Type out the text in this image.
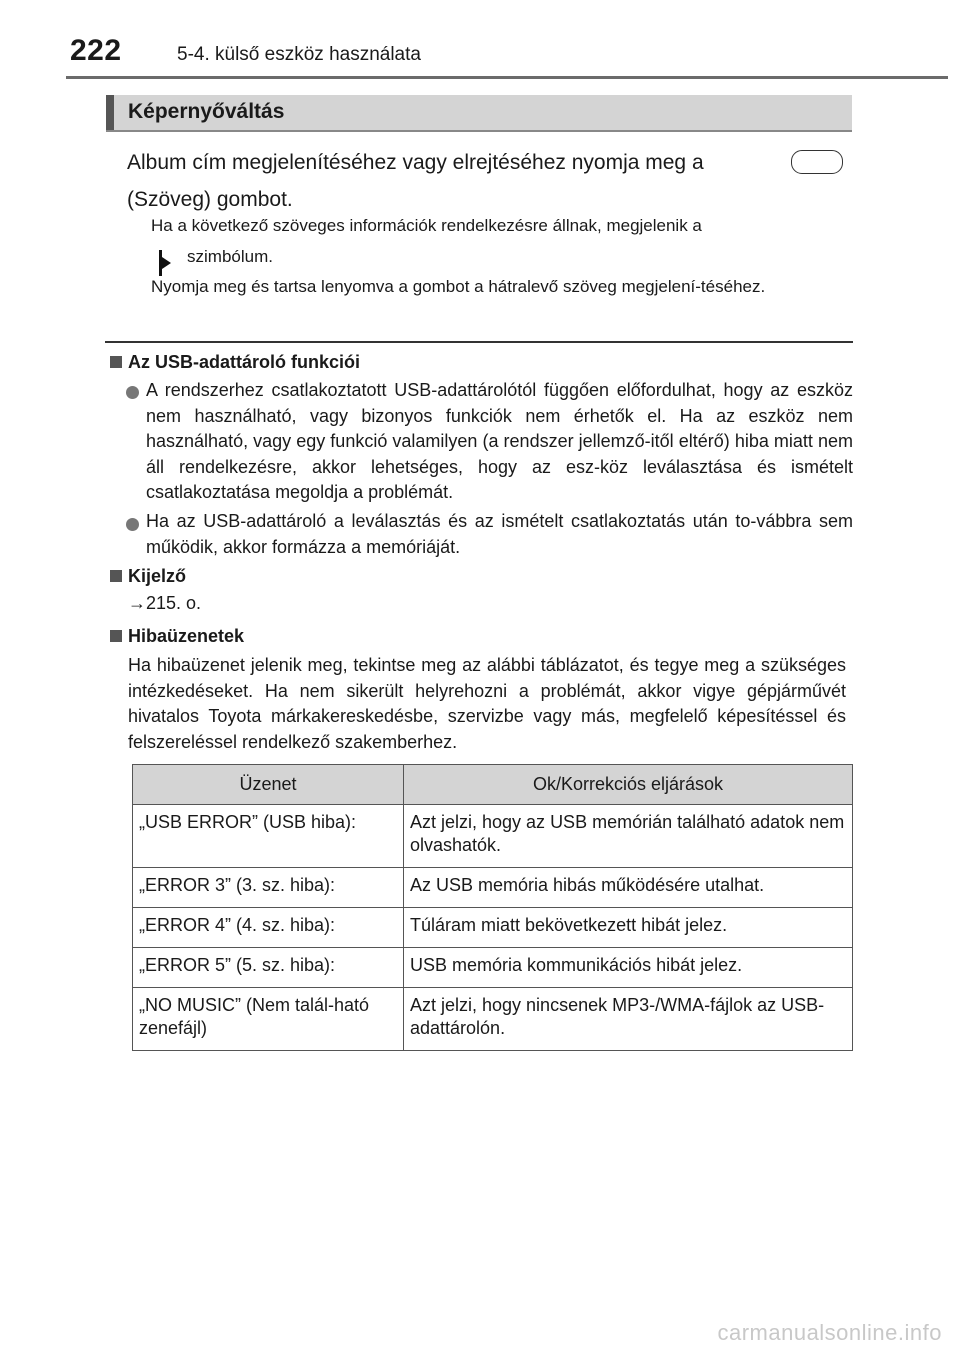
222	5-4. külső eszköz használata
Képernyőváltás
Album cím megjelenítéséhez vagy elrejtéséhez nyomja meg a
(Szöveg) gombot.
Ha a következő szöveges információk rendelkezésre állnak, megjelenik a
szimbólum.
Nyomja meg és tartsa lenyomva a gombot a hátralevő szöveg megjelení-téséhez.
Az USB-adattároló funkciói
A rendszerhez csatlakoztatott USB-adattárolótól függően előfordulhat, hogy az eszköz nem használható, vagy bizonyos funkciók nem érhetők el. Ha az eszköz nem használható, vagy egy funkció valamilyen (a rendszer jellemző-itől eltérő) hiba miatt nem áll rendelkezésre, akkor lehetséges, hogy az esz-köz leválasztása és ismételt csatlakoztatása megoldja a problémát.
Ha az USB-adattároló a leválasztás és az ismételt csatlakoztatás után to-vábbra sem működik, akkor formázza a memóriáját.
Kijelző
→215. o.
Hibaüzenetek
Ha hibaüzenet jelenik meg, tekintse meg az alábbi táblázatot, és tegye meg a szükséges intézkedéseket. Ha nem sikerült helyrehozni a problémát, akkor vigye gépjárművét hivatalos Toyota márkakereskedésbe, szervizbe vagy más, megfelelő képesítéssel és felszereléssel rendelkező szakemberhez.
Üzenet	Ok/Korrekciós eljárások
„USB ERROR” (USB hiba):	Azt jelzi, hogy az USB memórián található adatok nem olvashatók.
„ERROR 3” (3. sz. hiba):	Az USB memória hibás működésére utalhat.
„ERROR 4” (4. sz. hiba):	Túláram miatt bekövetkezett hibát jelez.
„ERROR 5” (5. sz. hiba):	USB memória kommunikációs hibát jelez.
„NO MUSIC” (Nem talál-ható zenefájl)	Azt jelzi, hogy nincsenek MP3-/WMA-fájlok az USB-adattárolón.
carmanualsonline.info
